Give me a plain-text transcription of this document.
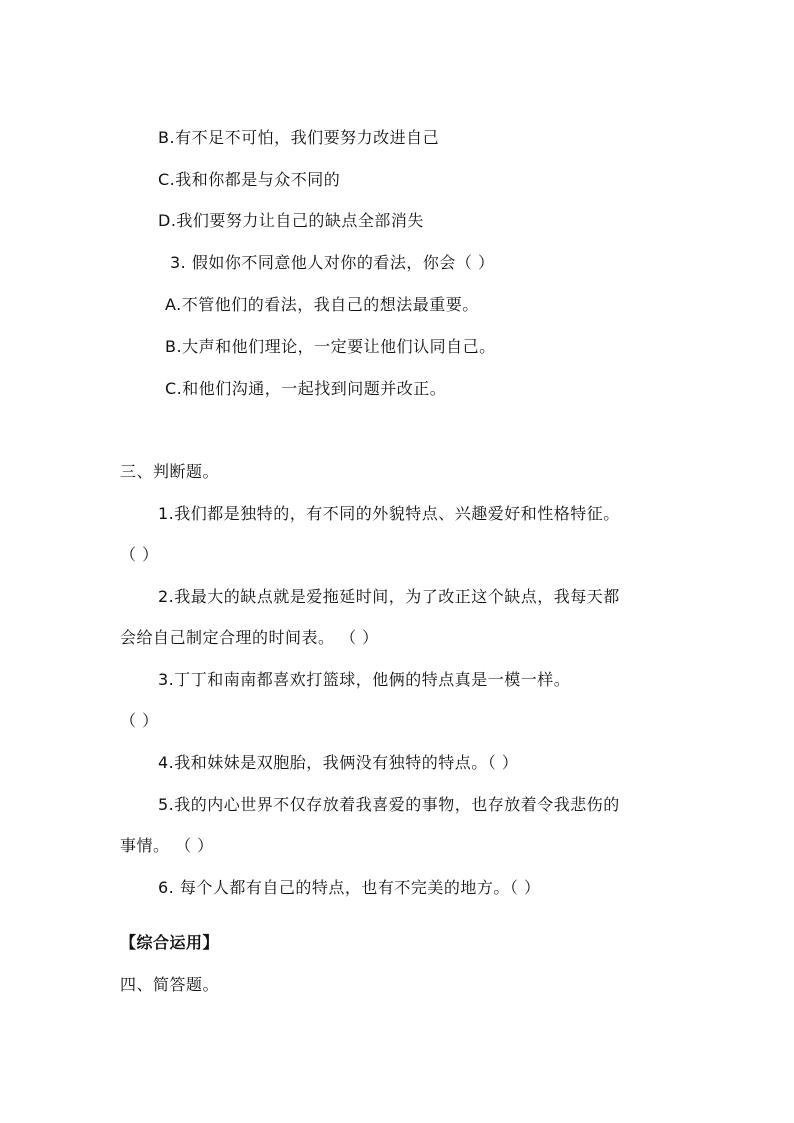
B.有不足不可怕，我们要努力改进自己
C.我和你都是与众不同的
D.我们要努力让自己的缺点全部消失
3. 假如你不同意他人对你的看法，你会（ ）
A.不管他们的看法，我自己的想法最重要。
B.大声和他们理论，一定要让他们认同自己。
C.和他们沟通，一起找到问题并改正。
三、判断题。
1.我们都是独特的，有不同的外貌特点、兴趣爱好和性格特征。
（ ）
2.我最大的缺点就是爱拖延时间，为了改正这个缺点，我每天都
会给自己制定合理的时间表。 （ ）
3.丁丁和南南都喜欢打篮球，他俩的特点真是一模一样。
（ ）
4.我和妹妹是双胞胎，我俩没有独特的特点。（ ）
5.我的内心世界不仅存放着我喜爱的事物，也存放着令我悲伤的
事情。 （ ）
6. 每个人都有自己的特点，也有不完美的地方。（ ）
【综合运用】
四、简答题。
